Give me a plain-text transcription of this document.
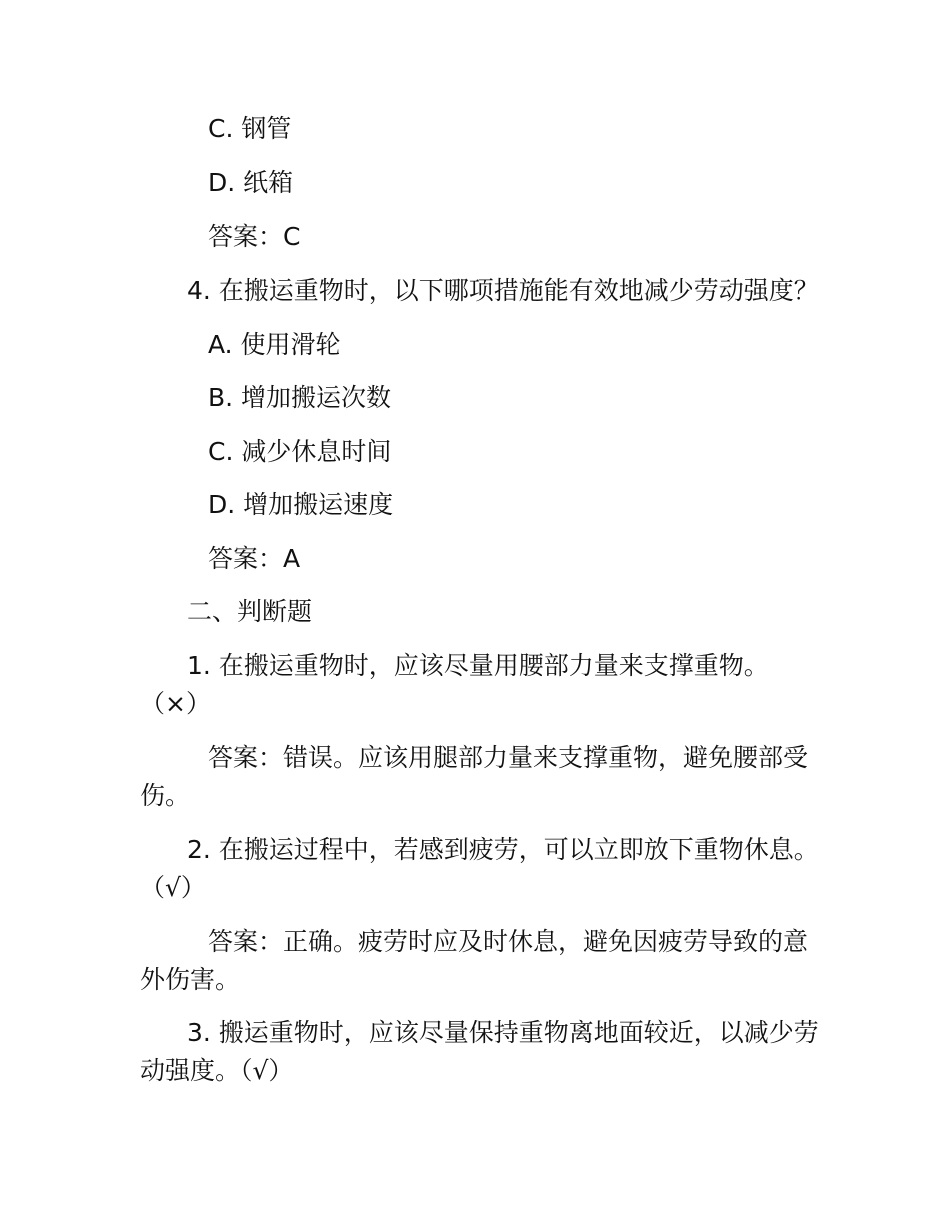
C. 钢管
D. 纸箱
答案：C
4. 在搬运重物时，以下哪项措施能有效地减少劳动强度？
A. 使用滑轮
B. 增加搬运次数
C. 减少休息时间
D. 增加搬运速度
答案：A
二、判断题
1. 在搬运重物时，应该尽量用腰部力量来支撑重物。
（×）
答案：错误。应该用腿部力量来支撑重物，避免腰部受
伤。
2. 在搬运过程中，若感到疲劳，可以立即放下重物休息。
（√）
答案：正确。疲劳时应及时休息，避免因疲劳导致的意
外伤害。
3. 搬运重物时，应该尽量保持重物离地面较近，以减少劳
动强度。（√）
